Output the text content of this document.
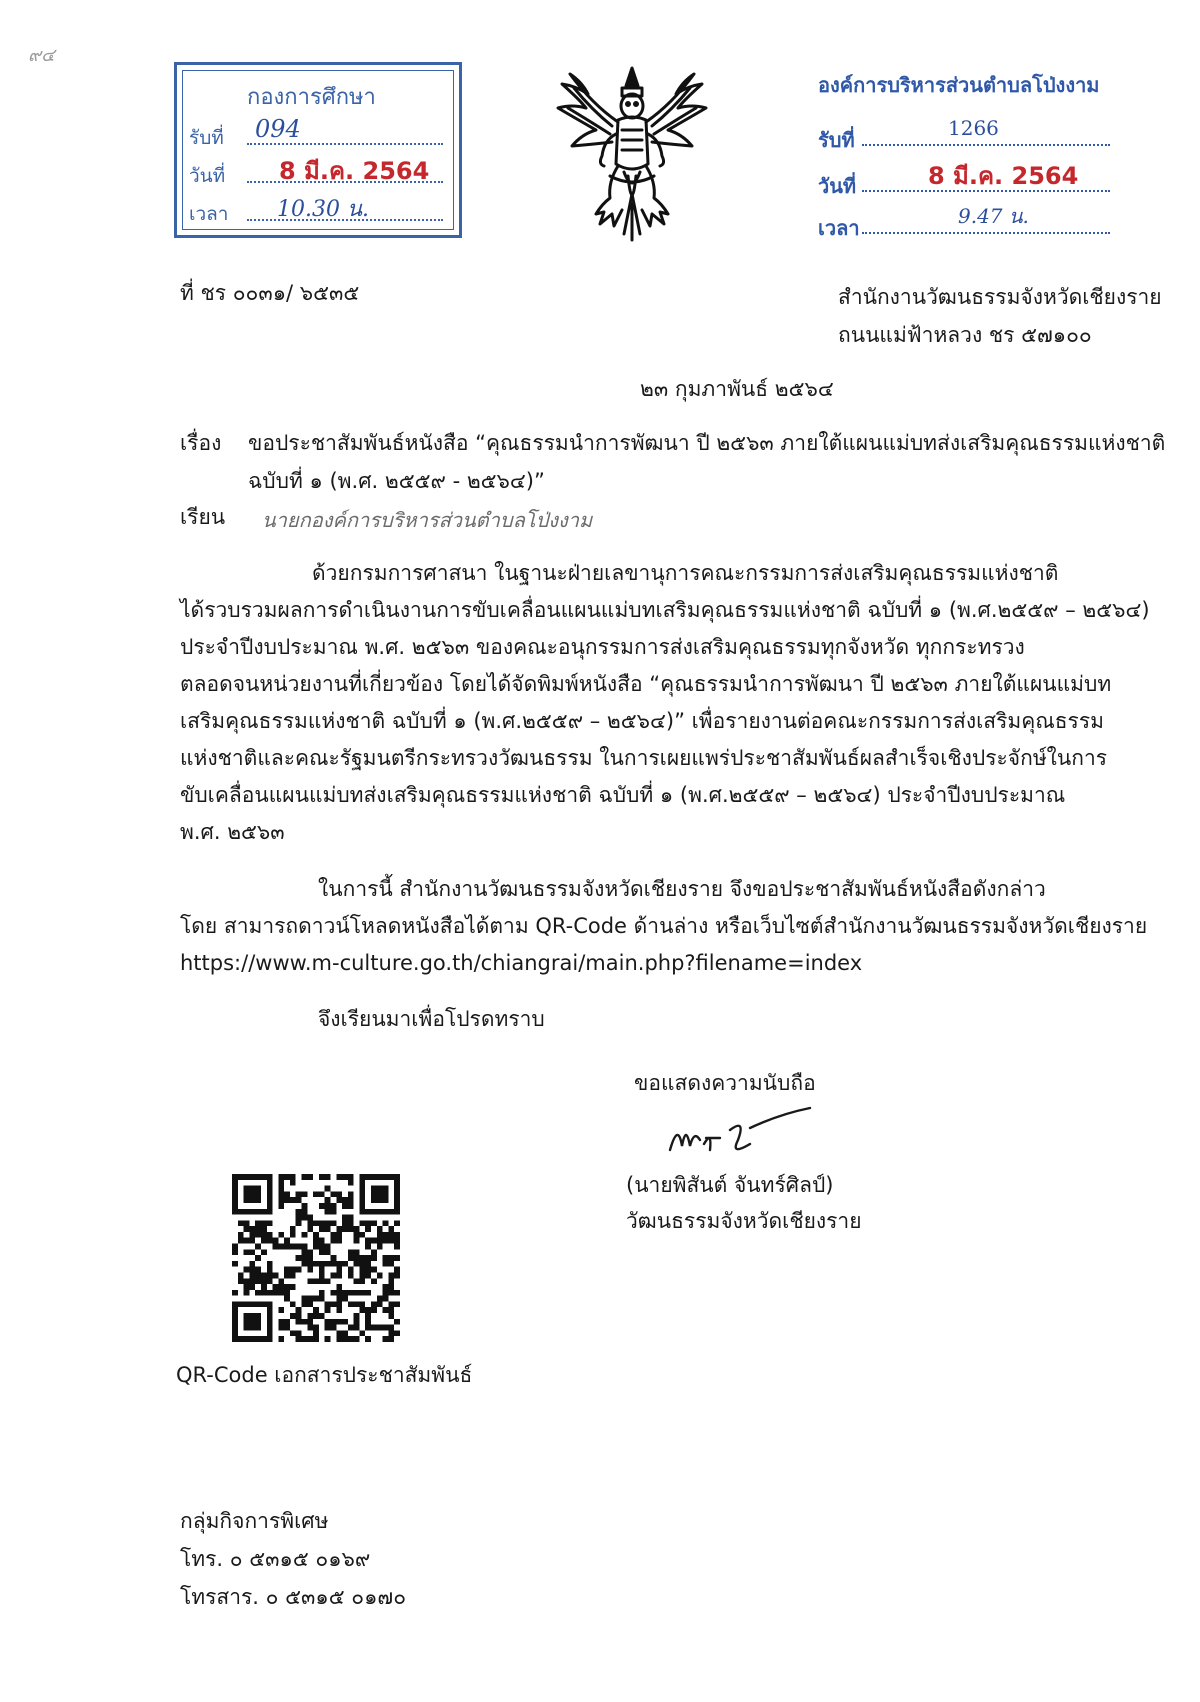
๙๔
กองการศึกษา
รับที่ 094
วันที่ 8 มี.ค. 2564
เวลา 10.30 น.
องค์การบริหารส่วนตำบลโป่งงาม
รับที่	1266
วันที่	8 มี.ค. 2564
เวลา	9.47 น.
ที่ ชร ๐๐๓๑/ ๖๕๓๕	สำนักงานวัฒนธรรมจังหวัดเชียงราย
ถนนแม่ฟ้าหลวง ชร ๕๗๑๐๐
๒๓ กุมภาพันธ์ ๒๕๖๔
เรื่อง ขอประชาสัมพันธ์หนังสือ “คุณธรรมนำการพัฒนา ปี ๒๕๖๓ ภายใต้แผนแม่บทส่งเสริมคุณธรรมแห่งชาติ
ฉบับที่ ๑ (พ.ศ. ๒๕๕๙ - ๒๕๖๔)”
เรียน นายกองค์การบริหารส่วนตำบลโป่งงาม
ด้วยกรมการศาสนา ในฐานะฝ่ายเลขานุการคณะกรรมการส่งเสริมคุณธรรมแห่งชาติ
ได้รวบรวมผลการดำเนินงานการขับเคลื่อนแผนแม่บทเสริมคุณธรรมแห่งชาติ ฉบับที่ ๑ (พ.ศ.๒๕๕๙ – ๒๕๖๔)
ประจำปีงบประมาณ พ.ศ. ๒๕๖๓ ของคณะอนุกรรมการส่งเสริมคุณธรรมทุกจังหวัด ทุกกระทรวง
ตลอดจนหน่วยงานที่เกี่ยวข้อง โดยได้จัดพิมพ์หนังสือ “คุณธรรมนำการพัฒนา ปี ๒๕๖๓ ภายใต้แผนแม่บท
เสริมคุณธรรมแห่งชาติ ฉบับที่ ๑ (พ.ศ.๒๕๕๙ – ๒๕๖๔)” เพื่อรายงานต่อคณะกรรมการส่งเสริมคุณธรรม
แห่งชาติและคณะรัฐมนตรีกระทรวงวัฒนธรรม ในการเผยแพร่ประชาสัมพันธ์ผลสำเร็จเชิงประจักษ์ในการ
ขับเคลื่อนแผนแม่บทส่งเสริมคุณธรรมแห่งชาติ ฉบับที่ ๑ (พ.ศ.๒๕๕๙ – ๒๕๖๔) ประจำปีงบประมาณ
พ.ศ. ๒๕๖๓
ในการนี้ สำนักงานวัฒนธรรมจังหวัดเชียงราย จึงขอประชาสัมพันธ์หนังสือดังกล่าว
โดย สามารถดาวน์โหลดหนังสือได้ตาม QR-Code ด้านล่าง หรือเว็บไซต์สำนักงานวัฒนธรรมจังหวัดเชียงราย
https://www.m-culture.go.th/chiangrai/main.php?filename=index
จึงเรียนมาเพื่อโปรดทราบ
ขอแสดงความนับถือ
(นายพิสันต์ จันทร์ศิลป์)
วัฒนธรรมจังหวัดเชียงราย
QR-Code เอกสารประชาสัมพันธ์
กลุ่มกิจการพิเศษ
โทร. ๐ ๕๓๑๕ ๐๑๖๙
โทรสาร. ๐ ๕๓๑๕ ๐๑๗๐
